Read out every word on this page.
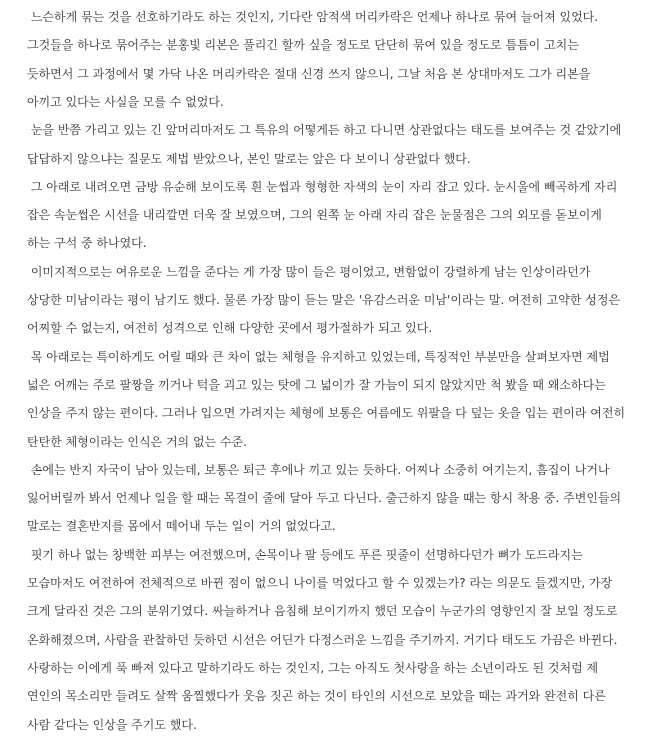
느슨하게 묶는 것을 선호하기라도 하는 것인지, 기다란 암적색 머리카락은 언제나 하나로 묶여 늘어져 있었다.
그것들을 하나로 묶어주는 분홍빛 리본은 풀리긴 할까 싶을 정도로 단단히 묶여 있을 정도로 틈틈이 고치는
듯하면서 그 과정에서 몇 가닥 나온 머리카락은 절대 신경 쓰지 않으니, 그날 처음 본 상대마저도 그가 리본을
아끼고 있다는 사실을 모를 수 없었다.
눈을 반쯤 가리고 있는 긴 앞머리마저도 그 특유의 어떻게든 하고 다니면 상관없다는 태도를 보여주는 것 같았기에
답답하지 않으냐는 질문도 제법 받았으나, 본인 말로는 앞은 다 보이니 상관없다 했다.
그 아래로 내려오면 금방 유순해 보이도록 흰 눈썹과 형형한 자색의 눈이 자리 잡고 있다. 눈시울에 빼곡하게 자리
잡은 속눈썹은 시선을 내리깔면 더욱 잘 보였으며, 그의 왼쪽 눈 아래 자리 잡은 눈물점은 그의 외모를 돋보이게
하는 구석 중 하나였다.
이미지적으로는 여유로운 느낌을 준다는 게 가장 많이 들은 평이었고, 변함없이 강렬하게 남는 인상이라던가
상당한 미남이라는 평이 남기도 했다. 물론 가장 많이 듣는 말은 '유감스러운 미남'이라는 말. 여전히 고약한 성정은
어찌할 수 없는지, 여전히 성격으로 인해 다양한 곳에서 평가절하가 되고 있다.
목 아래로는 특이하게도 어릴 때와 큰 차이 없는 체형을 유지하고 있었는데, 특징적인 부분만을 살펴보자면 제법
넓은 어깨는 주로 팔짱을 끼거나 턱을 괴고 있는 탓에 그 넓이가 잘 가늠이 되지 않았지만 척 봤을 때 왜소하다는
인상을 주지 않는 편이다. 그러나 입으면 가려지는 체형에 보통은 여름에도 위팔을 다 덮는 옷을 입는 편이라 여전히
탄탄한 체형이라는 인식은 거의 없는 수준.
손에는 반지 자국이 남아 있는데, 보통은 퇴근 후에나 끼고 있는 듯하다. 어찌나 소중히 여기는지, 흠집이 나거나
잃어버릴까 봐서 언제나 일을 할 때는 목걸이 줄에 달아 두고 다닌다. 출근하지 않을 때는 항시 착용 중. 주변인들의
말로는 결혼반지를 몸에서 떼어내 두는 일이 거의 없었다고.
핏기 하나 없는 창백한 피부는 여전했으며, 손목이나 팔 등에도 푸른 핏줄이 선명하다던가 뼈가 도드라지는
모습마저도 여전하여 전체적으로 바뀐 점이 없으니 나이를 먹었다고 할 수 있겠는가? 라는 의문도 들겠지만, 가장
크게 달라진 것은 그의 분위기였다. 싸늘하거나 음침해 보이기까지 했던 모습이 누군가의 영향인지 잘 보일 정도로
온화해졌으며, 사람을 관찰하던 듯하던 시선은 어딘가 다정스러운 느낌을 주기까지. 거기다 태도도 가끔은 바뀐다.
사랑하는 이에게 푹 빠져 있다고 말하기라도 하는 것인지, 그는 아직도 첫사랑을 하는 소년이라도 된 것처럼 제
연인의 목소리만 들려도 살짝 움찔했다가 웃음 짓곤 하는 것이 타인의 시선으로 보았을 때는 과거와 완전히 다른
사람 같다는 인상을 주기도 했다.
